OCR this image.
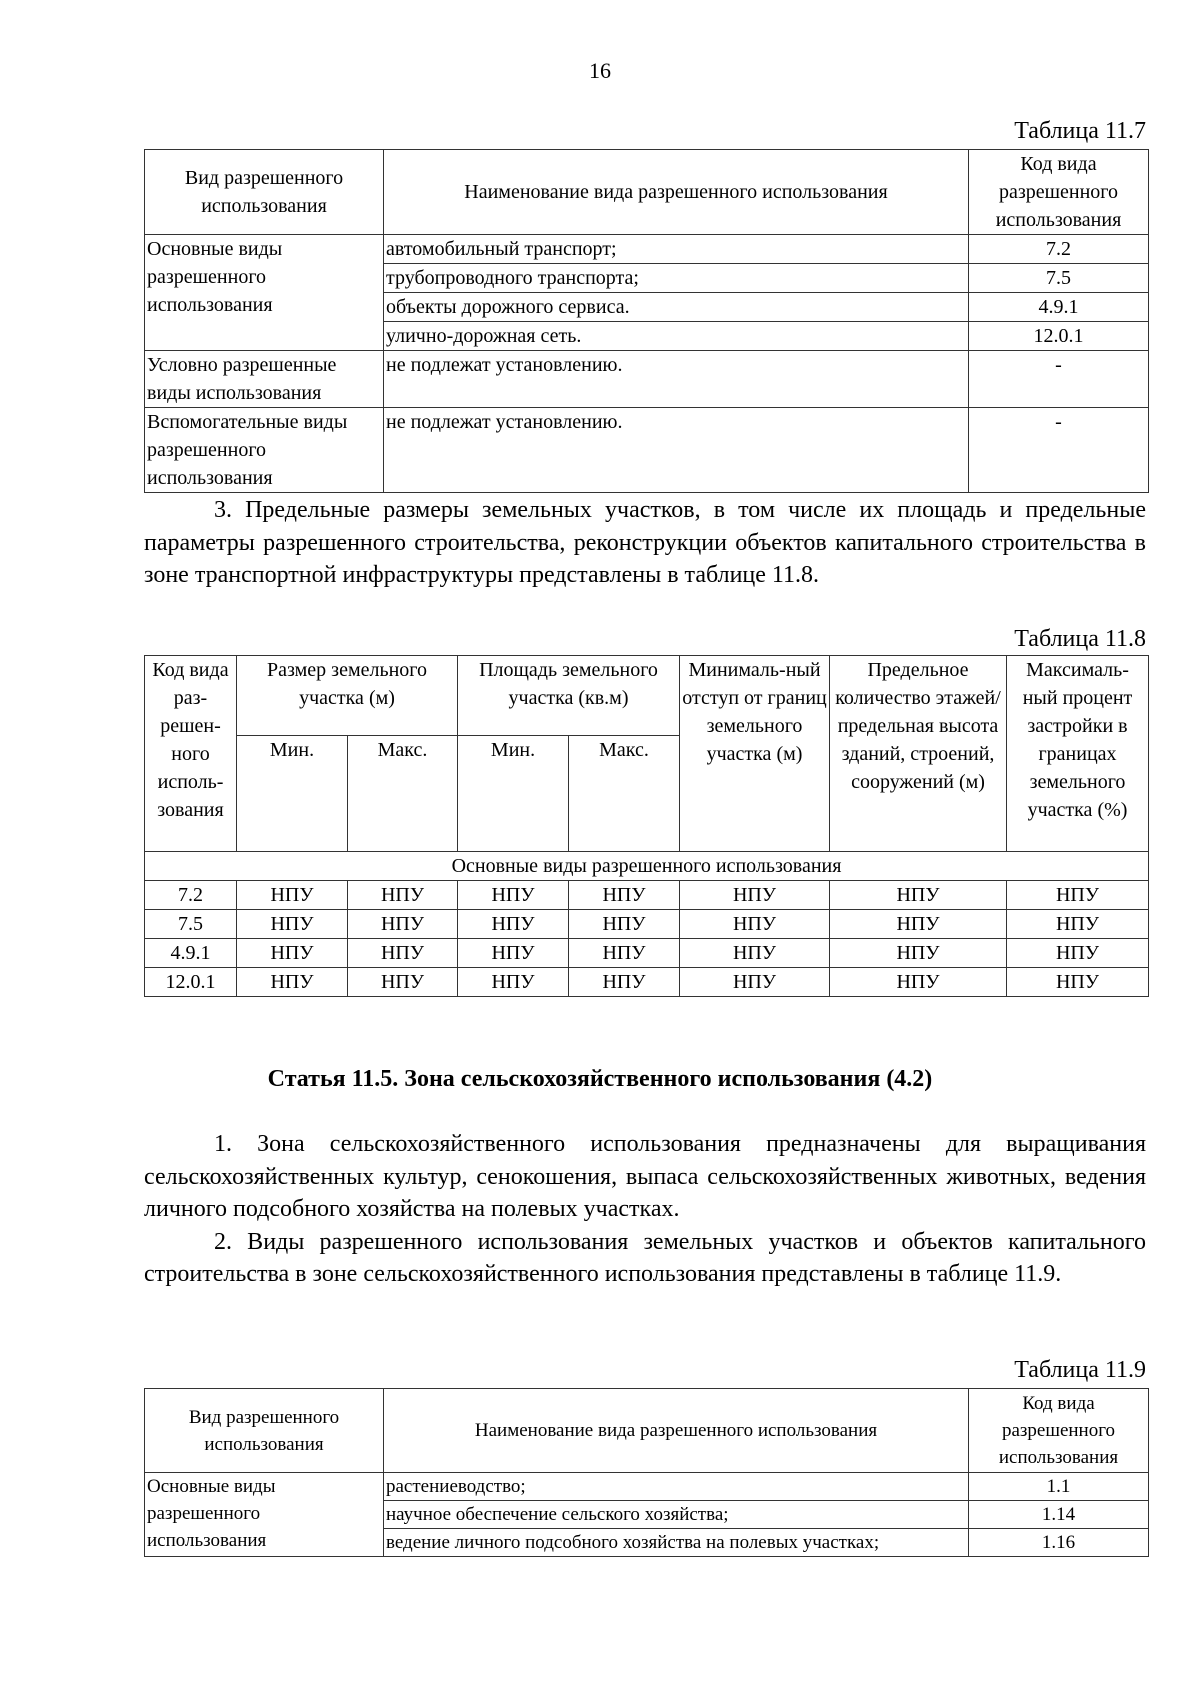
16
Таблица 11.7
Вид разрешенного использования	Наименование вида разрешенного использования	Код вида разрешенного использования
Основные виды разрешенного использования	автомобильный транспорт;	7.2
	трубопроводного транспорта;	7.5
	объекты дорожного сервиса.	4.9.1
	улично-дорожная сеть.	12.0.1
Условно разрешенные виды использования	не подлежат установлению.	-
Вспомогательные виды разрешенного использования	не подлежат установлению.	-

3. Предельные размеры земельных участков, в том числе их площадь и предельные параметры разрешенного строительства, реконструкции объектов капитального строительства в зоне транспортной инфраструктуры представлены в таблице 11.8.

Таблица 11.8
Код вида раз-решен-ного исполь-зования	Размер земельного участка (м)		Площадь земельного участка (кв.м)		Минималь-ный отступ от границ земельного участка (м)	Предельное количество этажей/ предельная высота зданий, строений, сооружений (м)	Максималь-ный процент застройки в границах земельного участка (%)
	Мин.	Макс.	Мин.	Макс.			
Основные виды разрешенного использования							
7.2	НПУ	НПУ	НПУ	НПУ	НПУ	НПУ	НПУ
7.5	НПУ	НПУ	НПУ	НПУ	НПУ	НПУ	НПУ
4.9.1	НПУ	НПУ	НПУ	НПУ	НПУ	НПУ	НПУ
12.0.1	НПУ	НПУ	НПУ	НПУ	НПУ	НПУ	НПУ
Статья 11.5. Зона сельскохозяйственного использования (4.2)

1. Зона сельскохозяйственного использования предназначены для выращивания сельскохозяйственных культур, сенокошения, выпаса сельскохозяйственных животных, ведения личного подсобного хозяйства на полевых участках.

2. Виды разрешенного использования земельных участков и объектов капитального строительства в зоне сельскохозяйственного использования представлены в таблице 11.9.

Таблица 11.9
Вид разрешенного использования	Наименование вида разрешенного использования	Код вида разрешенного использования
Основные виды разрешенного использования	растениеводство;	1.1
	научное обеспечение сельского хозяйства;	1.14
	ведение личного подсобного хозяйства на полевых участках;	1.16
